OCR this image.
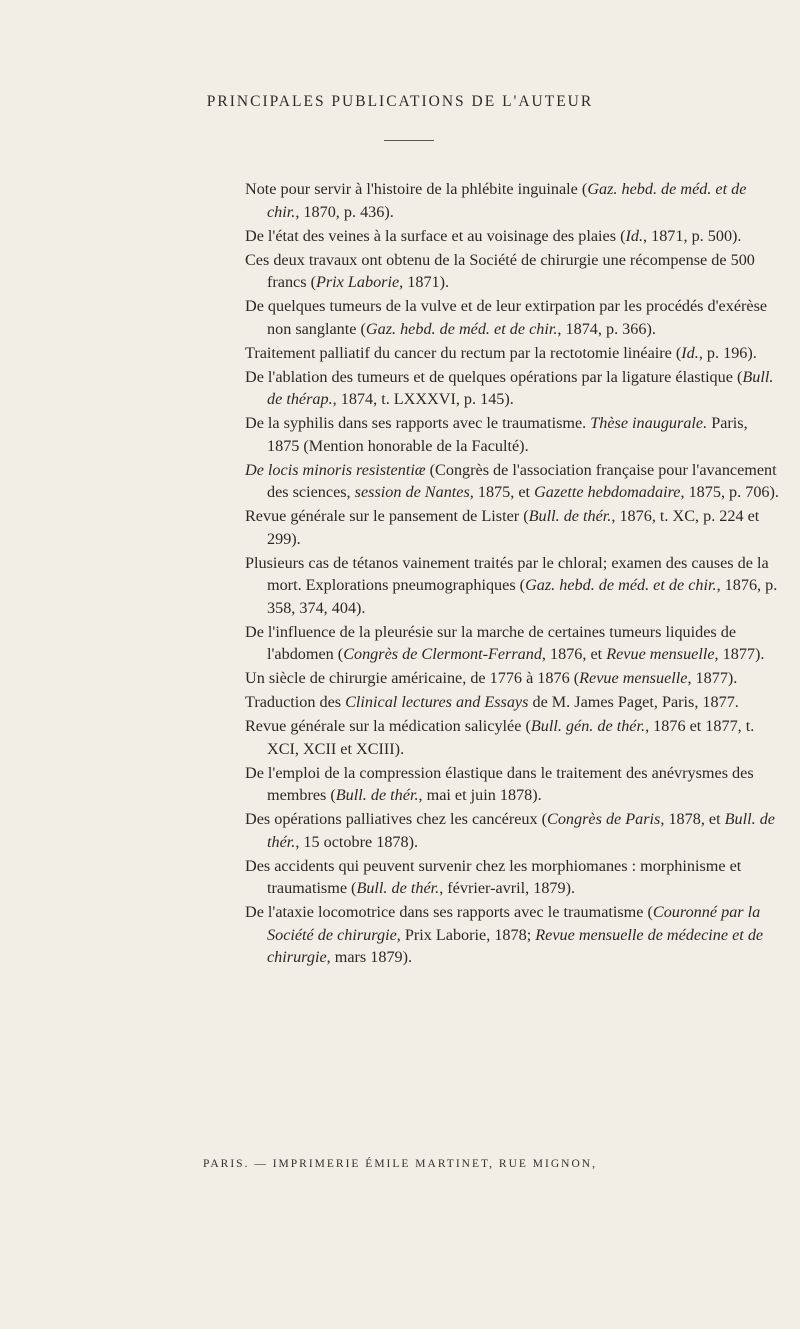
PRINCIPALES PUBLICATIONS DE L'AUTEUR

Note pour servir à l'histoire de la phlébite inguinale (Gaz. hebd. de méd. et de chir., 1870, p. 436).

De l'état des veines à la surface et au voisinage des plaies (Id., 1871, p. 500).

Ces deux travaux ont obtenu de la Société de chirurgie une récompense de 500 francs (Prix Laborie, 1871).

De quelques tumeurs de la vulve et de leur extirpation par les procédés d'exérèse non sanglante (Gaz. hebd. de méd. et de chir., 1874, p. 366).

Traitement palliatif du cancer du rectum par la rectotomie linéaire (Id., p. 196).

De l'ablation des tumeurs et de quelques opérations par la ligature élastique (Bull. de thérap., 1874, t. LXXXVI, p. 145).

De la syphilis dans ses rapports avec le traumatisme. Thèse inaugurale. Paris, 1875 (Mention honorable de la Faculté).

De locis minoris resistentiæ (Congrès de l'association française pour l'avancement des sciences, session de Nantes, 1875, et Gazette hebdomadaire, 1875, p. 706).

Revue générale sur le pansement de Lister (Bull. de thér., 1876, t. XC, p. 224 et 299).

Plusieurs cas de tétanos vainement traités par le chloral; examen des causes de la mort. Explorations pneumographiques (Gaz. hebd. de méd. et de chir., 1876, p. 358, 374, 404).

De l'influence de la pleurésie sur la marche de certaines tumeurs liquides de l'abdomen (Congrès de Clermont-Ferrand, 1876, et Revue mensuelle, 1877).

Un siècle de chirurgie américaine, de 1776 à 1876 (Revue mensuelle, 1877).

Traduction des Clinical lectures and Essays de M. James Paget, Paris, 1877.

Revue générale sur la médication salicylée (Bull. gén. de thér., 1876 et 1877, t. XCI, XCII et XCIII).

De l'emploi de la compression élastique dans le traitement des anévrysmes des membres (Bull. de thér., mai et juin 1878).

Des opérations palliatives chez les cancéreux (Congrès de Paris, 1878, et Bull. de thér., 15 octobre 1878).

Des accidents qui peuvent survenir chez les morphiomanes : morphinisme et traumatisme (Bull. de thér., février-avril, 1879).

De l'ataxie locomotrice dans ses rapports avec le traumatisme (Couronné par la Société de chirurgie, Prix Laborie, 1878; Revue mensuelle de médecine et de chirurgie, mars 1879).

PARIS. — IMPRIMERIE ÉMILE MARTINET, RUE MIGNON,
